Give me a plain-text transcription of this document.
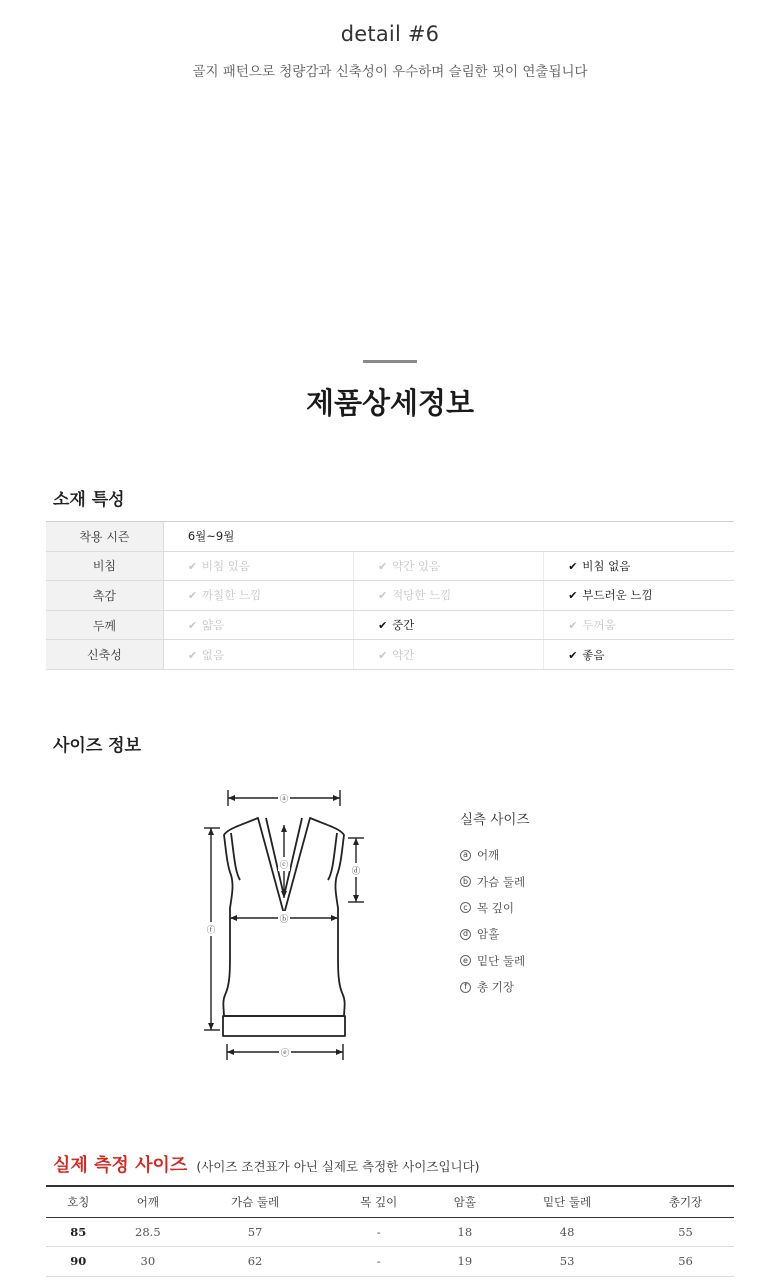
detail #6
골지 패턴으로 청량감과 신축성이 우수하며 슬림한 핏이 연출됩니다
제품상세정보
소재 특성
착용 시즌	6월~9월		
비침	✔ 비침 있음	✔ 약간 있음	✔ 비침 없음
촉감	✔ 까칠한 느낌	✔ 적당한 느낌	✔ 부드러운 느낌
두께	✔ 얇음	✔ 중간	✔ 두꺼움
신축성	✔ 없음	✔ 약간	✔ 좋음
사이즈 정보
ⓐ
ⓕ
ⓓ
ⓒ
ⓑ
ⓔ
실측 사이즈
a 어깨
b 가슴 둘레
c 목 깊이
d 암홀
e 밑단 둘레
f 총 기장
실제 측정 사이즈 (사이즈 조견표가 아닌 실제로 측정한 사이즈입니다)
호칭	어깨	가슴 둘레	목 깊이	암홀	밑단 둘레	총기장
85	28.5	57	-	18	48	55
90	30	62	-	19	53	56
